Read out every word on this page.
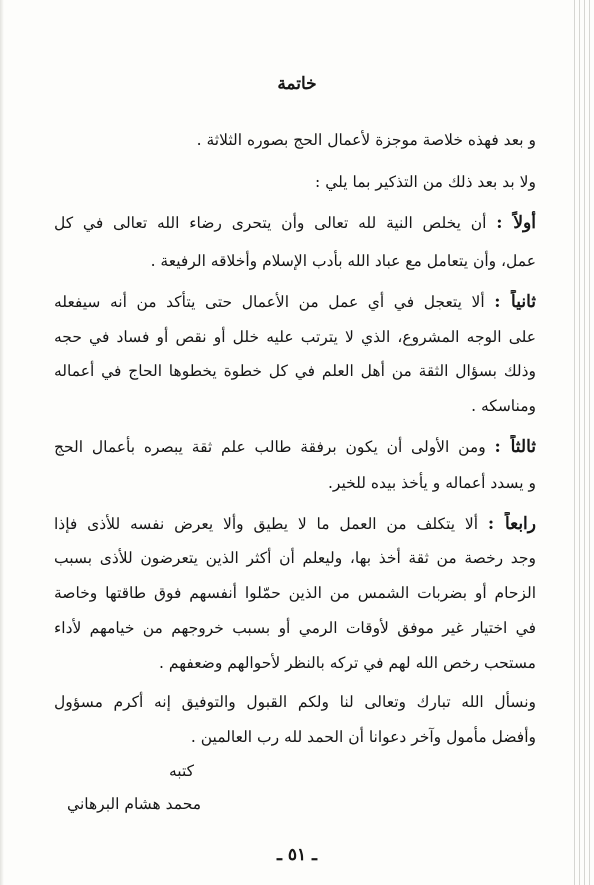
خاتمة
و بعد فهذه خلاصة موجزة لأعمال الحج بصوره الثلاثة .
ولا بد بعد ذلك من التذكير بما يلي :
أولاً : أن يخلص النية لله تعالى وأن يتحرى رضاء الله تعالى في كل
عمل، وأن يتعامل مع عباد الله بأدب الإسلام وأخلاقه الرفيعة .
ثانياً : ألا يتعجل في أي عمل من الأعمال حتى يتأكد من أنه سيفعله
على الوجه المشروع، الذي لا يترتب عليه خلل أو نقص أو فساد في حجه
وذلك بسؤال الثقة من أهل العلم في كل خطوة يخطوها الحاج في أعماله
ومناسكه .
ثالثاً : ومن الأولى أن يكون برفقة طالب علم ثقة يبصره بأعمال الحج
و يسدد أعماله و يأخذ بيده للخير.
رابعاً : ألا يتكلف من العمل ما لا يطيق وألا يعرض نفسه للأذى فإذا
وجد رخصة من ثقة أخذ بها، وليعلم أن أكثر الذين يتعرضون للأذى بسبب
الزحام أو بضربات الشمس من الذين حمّلوا أنفسهم فوق طاقتها وخاصة
في اختيار غير موفق لأوقات الرمي أو بسبب خروجهم من خيامهم لأداء
مستحب رخص الله لهم في تركه بالنظر لأحوالهم وضعفهم .
ونسأل الله تبارك وتعالى لنا ولكم القبول والتوفيق إنه أكرم مسؤول
وأفضل مأمول وآخر دعوانا أن الحمد لله رب العالمين .
كتبه
محمد هشام البرهاني
ـ ٥١ ـ
